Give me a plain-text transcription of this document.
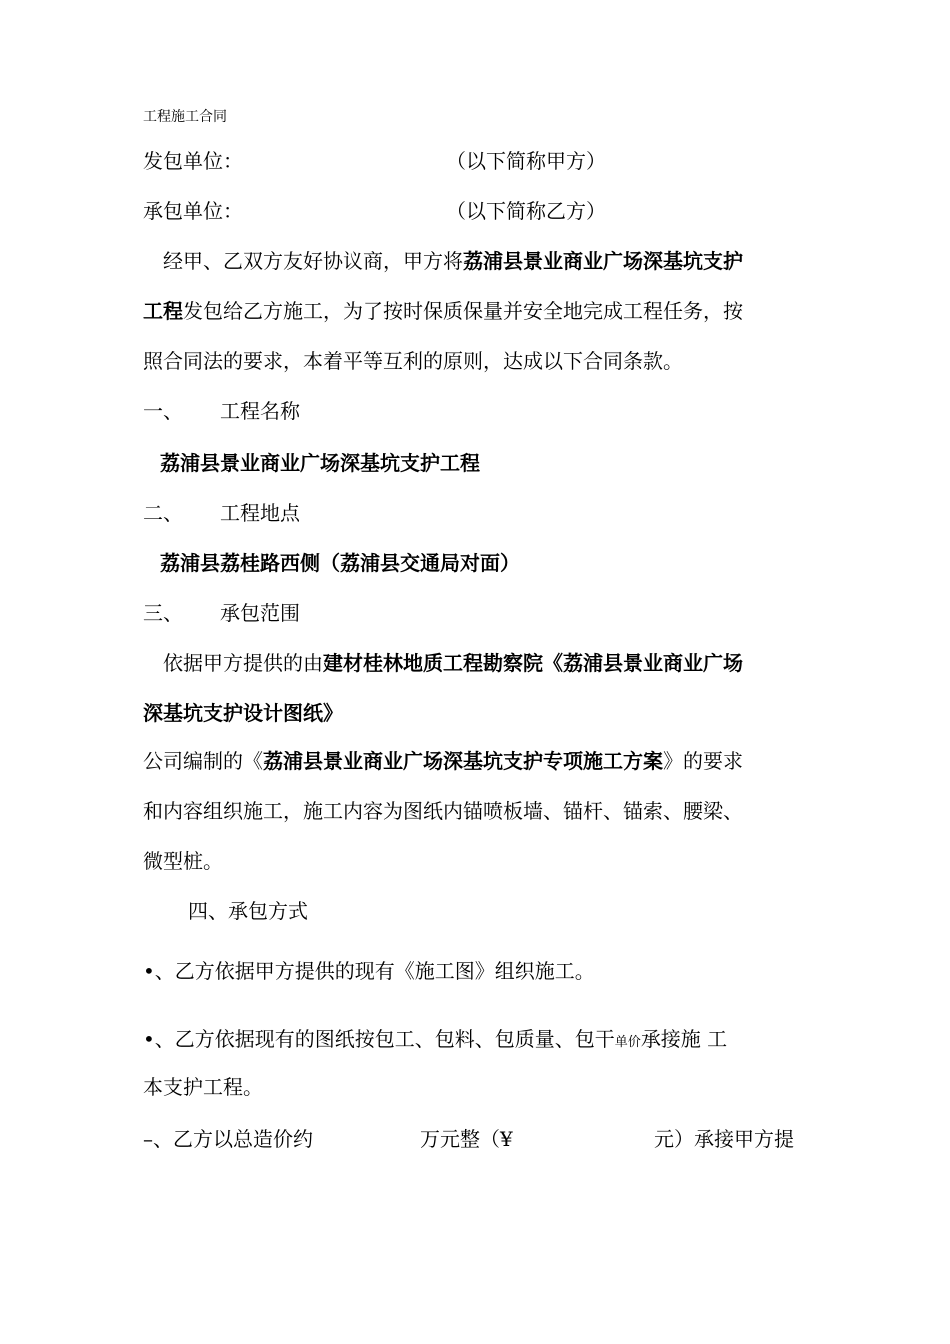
工程施工合同
发包单位：	（以下简称甲方）
承包单位：	（以下简称乙方）
经甲、乙双方友好协议商，甲方将荔浦县景业商业广场深基坑支护
工程发包给乙方施工，为了按时保质保量并安全地完成工程任务，按
照合同法的要求，本着平等互利的原则，达成以下合同条款。
一、 工程名称
荔浦县景业商业广场深基坑支护工程
二、 工程地点
荔浦县荔桂路西侧（荔浦县交通局对面）
三、 承包范围
依据甲方提供的由建材桂林地质工程勘察院《荔浦县景业商业广场
深基坑支护设计图纸》
公司编制的《荔浦县景业商业广场深基坑支护专项施工方案》的要求
和内容组织施工，施工内容为图纸内锚喷板墙、锚杆、锚索、腰梁、
微型桩。
四、承包方式
•、乙方依据甲方提供的现有《施工图》组织施工。
•、乙方依据现有的图纸按包工、包料、包质量、包干单价承接施 工
本支护工程。
–、乙方以总造价约	万元整（¥	元）承接甲方提
